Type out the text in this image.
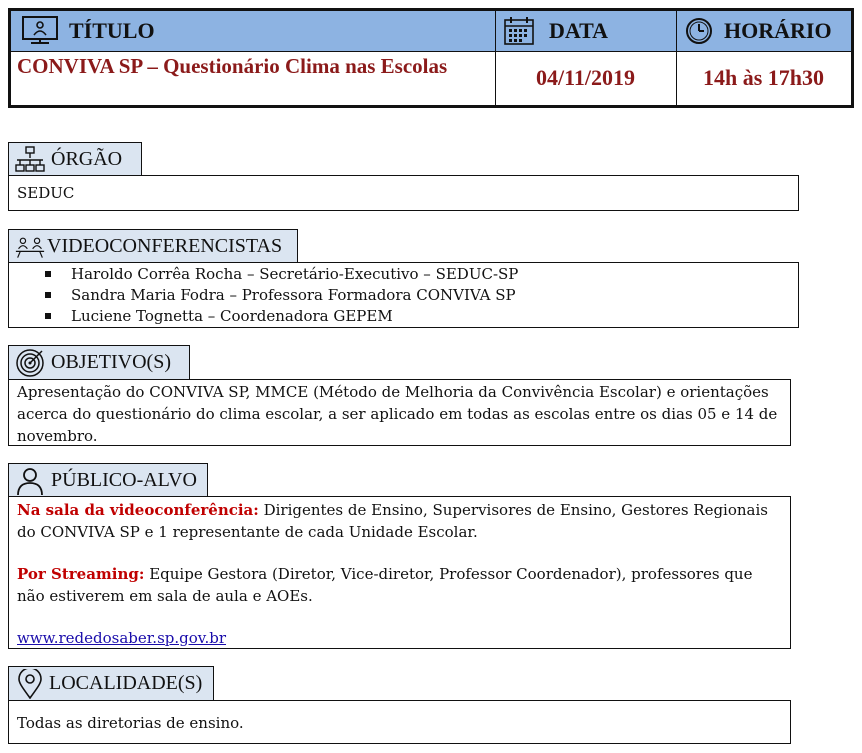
TÍTULO	DATA	HORÁRIO
CONVIVA SP – Questionário Clima nas Escolas	04/11/2019	14h às 17h30
ÓRGÃO
SEDUC
VIDEOCONFERENCISTAS
Haroldo Corrêa Rocha – Secretário-Executivo – SEDUC-SP
Sandra Maria Fodra – Professora Formadora CONVIVA SP
Luciene Tognetta – Coordenadora GEPEM
OBJETIVO(S)
Apresentação do CONVIVA SP, MMCE (Método de Melhoria da Convivência Escolar) e orientações acerca do questionário do clima escolar, a ser aplicado em todas as escolas entre os dias 05 e 14 de novembro.
PÚBLICO-ALVO
Na sala da videoconferência: Dirigentes de Ensino, Supervisores de Ensino, Gestores Regionais do CONVIVA SP e 1 representante de cada Unidade Escolar.
Por Streaming: Equipe Gestora (Diretor, Vice-diretor, Professor Coordenador), professores que não estiverem em sala de aula e AOEs.
www.rededosaber.sp.gov.br
LOCALIDADE(S)
Todas as diretorias de ensino.
